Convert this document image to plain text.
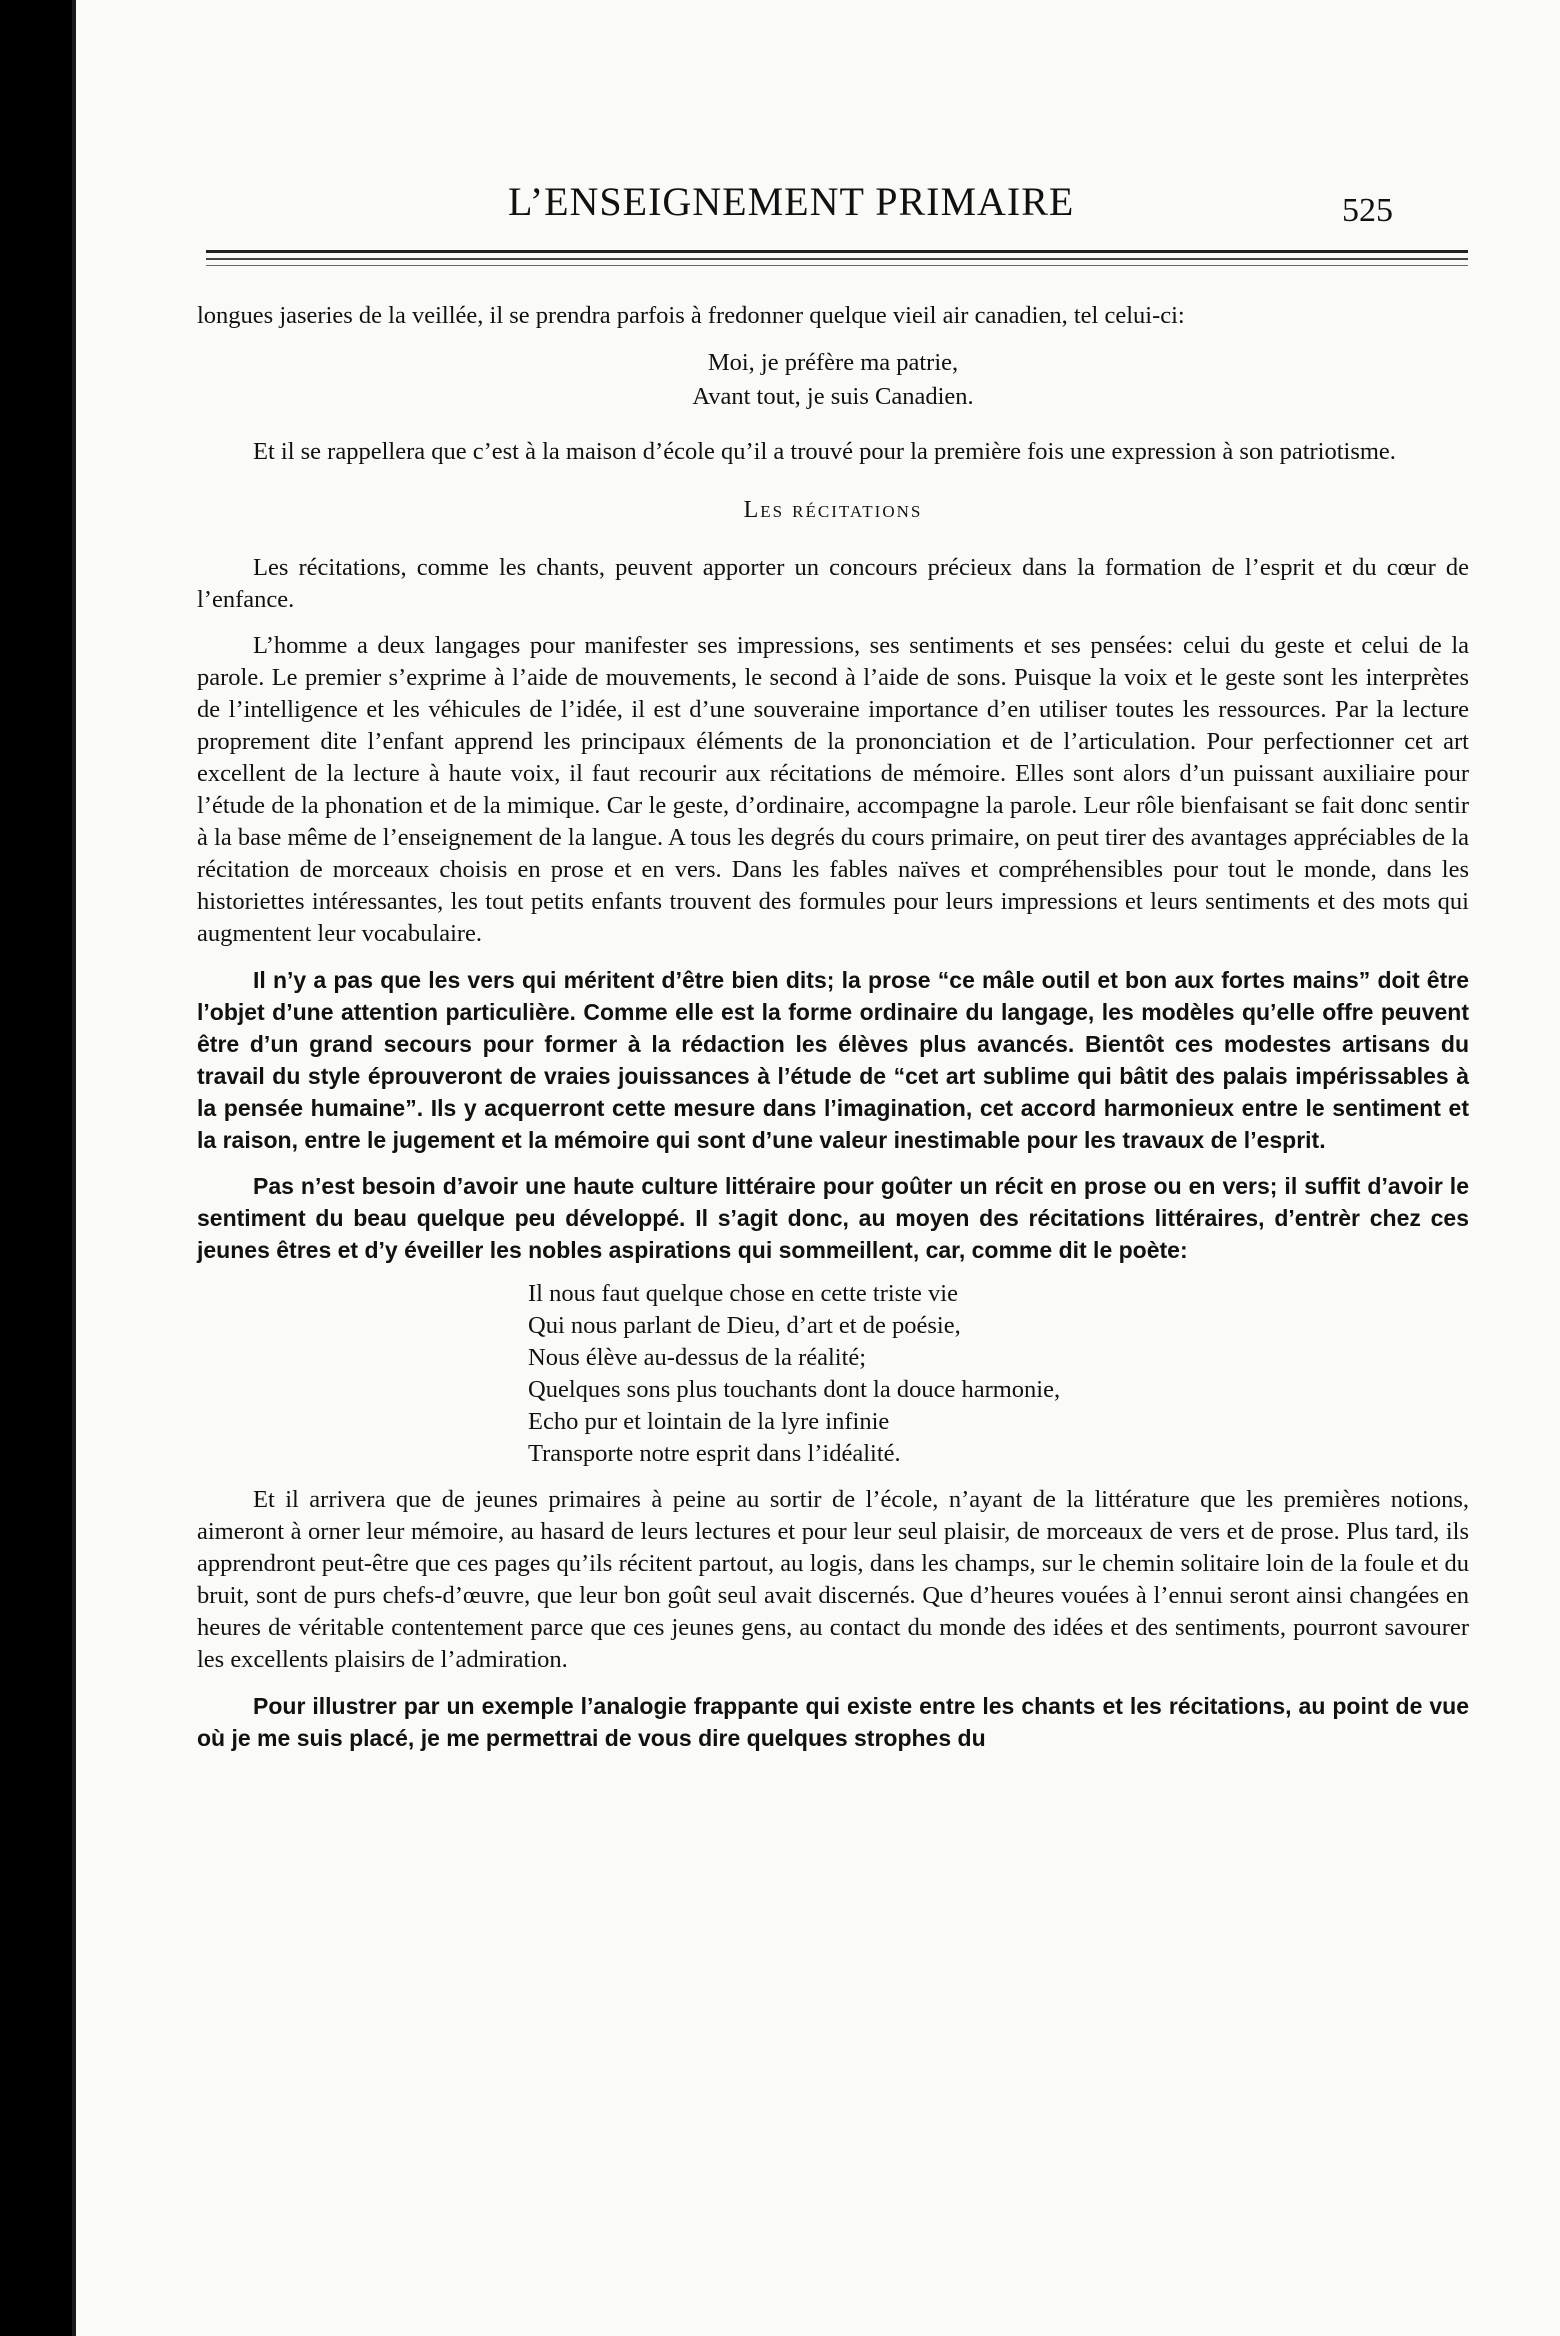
L’ENSEIGNEMENT PRIMAIRE	525

longues jaseries de la veillée, il se prendra parfois à fredonner quelque vieil air canadien, tel celui-ci:

Moi, je préfère ma patrie,
Avant tout, je suis Canadien.

Et il se rappellera que c’est à la maison d’école qu’il a trouvé pour la première fois une expression à son patriotisme.

Les récitations

Les récitations, comme les chants, peuvent apporter un concours précieux dans la formation de l’esprit et du cœur de l’enfance.

L’homme a deux langages pour manifester ses impressions, ses sentiments et ses pensées: celui du geste et celui de la parole. Le premier s’exprime à l’aide de mouvements, le second à l’aide de sons. Puisque la voix et le geste sont les interprètes de l’intelligence et les véhicules de l’idée, il est d’une souveraine importance d’en utiliser toutes les ressources. Par la lecture proprement dite l’enfant apprend les principaux éléments de la prononciation et de l’articulation. Pour perfectionner cet art excellent de la lecture à haute voix, il faut recourir aux récitations de mémoire. Elles sont alors d’un puissant auxiliaire pour l’étude de la phonation et de la mimique. Car le geste, d’ordinaire, accompagne la parole. Leur rôle bienfaisant se fait donc sentir à la base même de l’enseignement de la langue. A tous les degrés du cours primaire, on peut tirer des avantages appréciables de la récitation de morceaux choisis en prose et en vers. Dans les fables naïves et compréhensibles pour tout le monde, dans les historiettes intéressantes, les tout petits enfants trouvent des formules pour leurs impressions et leurs sentiments et des mots qui augmentent leur vocabulaire.

Il n’y a pas que les vers qui méritent d’être bien dits; la prose “ce mâle outil et bon aux fortes mains” doit être l’objet d’une attention particulière. Comme elle est la forme ordinaire du langage, les modèles qu’elle offre peuvent être d’un grand secours pour former à la rédaction les élèves plus avancés. Bientôt ces modestes artisans du travail du style éprouveront de vraies jouissances à l’étude de “cet art sublime qui bâtit des palais impérissables à la pensée humaine”. Ils y acquerront cette mesure dans l’imagination, cet accord harmonieux entre le sentiment et la raison, entre le jugement et la mémoire qui sont d’une valeur inestimable pour les travaux de l’esprit.

Pas n’est besoin d’avoir une haute culture littéraire pour goûter un récit en prose ou en vers; il suffit d’avoir le sentiment du beau quelque peu développé. Il s’agit donc, au moyen des récitations littéraires, d’entrèr chez ces jeunes êtres et d’y éveiller les nobles aspirations qui sommeillent, car, comme dit le poète:

Il nous faut quelque chose en cette triste vie
Qui nous parlant de Dieu, d’art et de poésie,
Nous élève au-dessus de la réalité;
Quelques sons plus touchants dont la douce harmonie,
Echo pur et lointain de la lyre infinie
Transporte notre esprit dans l’idéalité.

Et il arrivera que de jeunes primaires à peine au sortir de l’école, n’ayant de la littérature que les premières notions, aimeront à orner leur mémoire, au hasard de leurs lectures et pour leur seul plaisir, de morceaux de vers et de prose. Plus tard, ils apprendront peut-être que ces pages qu’ils récitent partout, au logis, dans les champs, sur le chemin solitaire loin de la foule et du bruit, sont de purs chefs-d’œuvre, que leur bon goût seul avait discernés. Que d’heures vouées à l’ennui seront ainsi changées en heures de véritable contentement parce que ces jeunes gens, au contact du monde des idées et des sentiments, pourront savourer les excellents plaisirs de l’admiration.

Pour illustrer par un exemple l’analogie frappante qui existe entre les chants et les récitations, au point de vue où je me suis placé, je me permettrai de vous dire quelques strophes du
